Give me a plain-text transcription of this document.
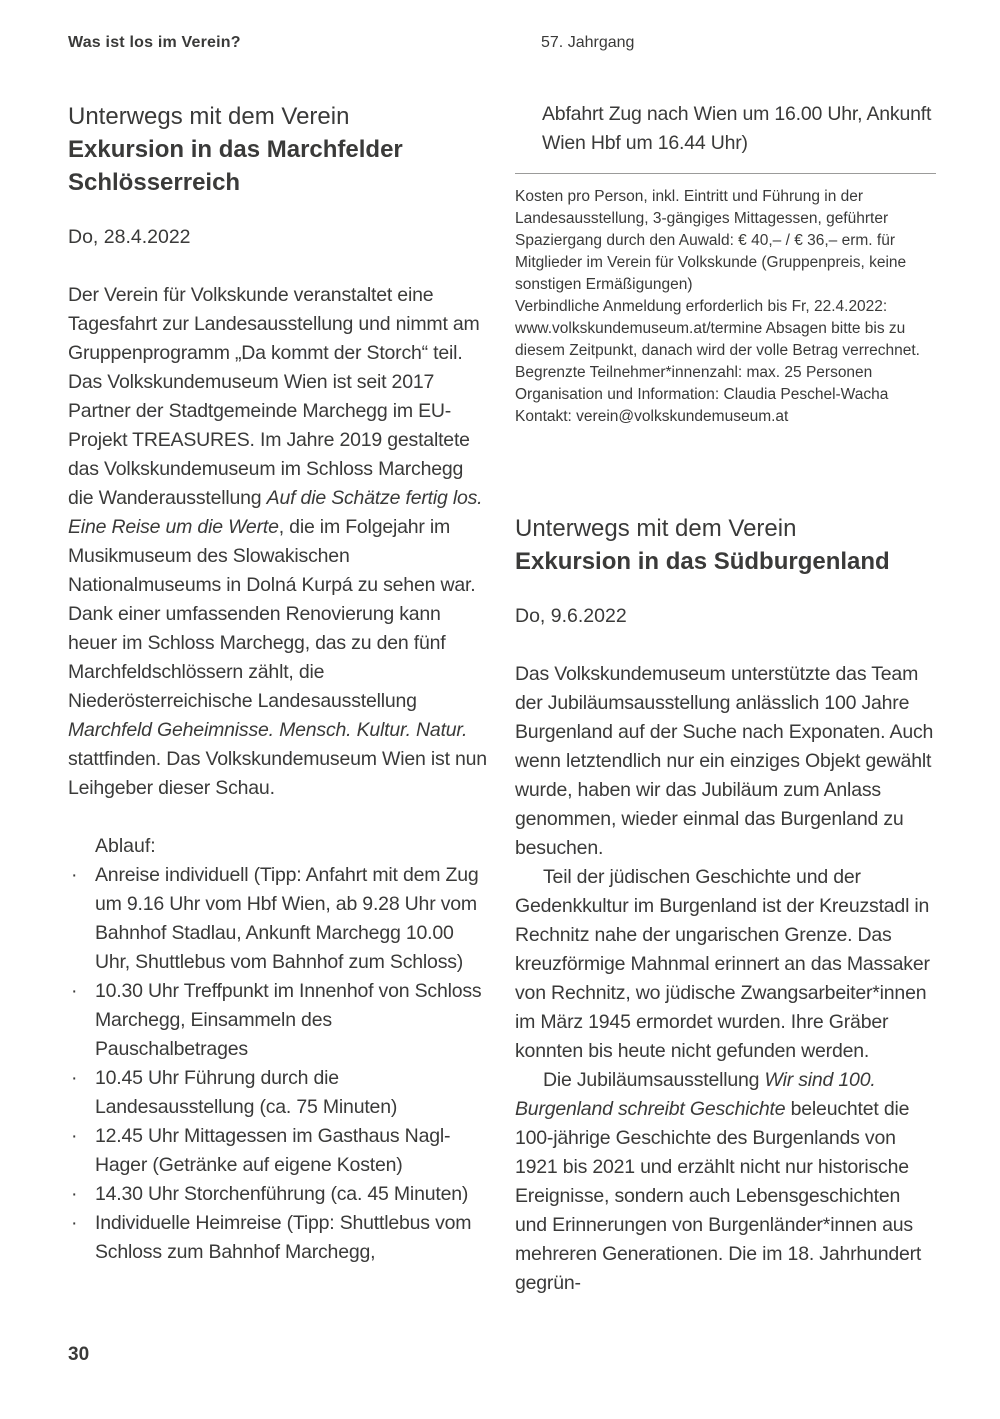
Was ist los im Verein?	57. Jahrgang
Unterwegs mit dem Verein
Exkursion in das Marchfelder Schlösserreich

Do, 28.4.2022

Der Verein für Volkskunde veranstaltet eine Tagesfahrt zur Landesausstellung und nimmt am Gruppenprogramm „Da kommt der Storch“ teil. Das Volkskundemuseum Wien ist seit 2017 Partner der Stadtgemeinde Marchegg im EU-Projekt TREASURES. Im Jahre 2019 gestaltete das Volkskundemuseum im Schloss Marchegg die Wanderausstellung Auf die Schätze fertig los. Eine Reise um die Werte, die im Folgejahr im Musikmuseum des Slowakischen Nationalmuseums in Dolná Kurpá zu sehen war. Dank einer umfassenden Renovierung kann heuer im Schloss Marchegg, das zu den fünf Marchfeldschlössern zählt, die Niederösterreichische Landesausstellung Marchfeld Geheimnisse. Mensch. Kultur. Natur. stattfinden. Das Volkskundemuseum Wien ist nun Leihgeber dieser Schau.

Ablauf:

· Anreise individuell (Tipp: Anfahrt mit dem Zug um 9.16 Uhr vom Hbf Wien, ab 9.28 Uhr vom Bahnhof Stadlau, Ankunft Marchegg 10.00 Uhr, Shuttlebus vom Bahnhof zum Schloss)
· 10.30 Uhr Treffpunkt im Innenhof von Schloss Marchegg, Einsammeln des Pauschalbetrages
· 10.45 Uhr Führung durch die Landesausstellung (ca. 75 Minuten)
· 12.45 Uhr Mittagessen im Gasthaus Nagl-Hager (Getränke auf eigene Kosten)
· 14.30 Uhr Storchenführung (ca. 45 Minuten)
· Individuelle Heimreise (Tipp: Shuttlebus vom Schloss zum Bahnhof Marchegg,

Abfahrt Zug nach Wien um 16.00 Uhr, Ankunft Wien Hbf um 16.44 Uhr)

Kosten pro Person, inkl. Eintritt und Führung in der Landesausstellung, 3-gängiges Mittagessen, geführter Spaziergang durch den Auwald: € 40,– / € 36,– erm. für Mitglieder im Verein für Volkskunde (Gruppenpreis, keine sonstigen Ermäßigungen)

Verbindliche Anmeldung erforderlich bis Fr, 22.4.2022: www.volkskundemuseum.at/termine Absagen bitte bis zu diesem Zeitpunkt, danach wird der volle Betrag verrechnet.

Begrenzte Teilnehmer*innenzahl: max. 25 Personen

Organisation und Information: Claudia Peschel-Wacha

Kontakt: verein@volkskundemuseum.at

Unterwegs mit dem Verein
Exkursion in das Südburgenland

Do, 9.6.2022

Das Volkskundemuseum unterstützte das Team der Jubiläumsausstellung anlässlich 100 Jahre Burgenland auf der Suche nach Exponaten. Auch wenn letztendlich nur ein einziges Objekt gewählt wurde, haben wir das Jubiläum zum Anlass genommen, wieder einmal das Burgenland zu besuchen.

Teil der jüdischen Geschichte und der Gedenkkultur im Burgenland ist der Kreuzstadl in Rechnitz nahe der ungarischen Grenze. Das kreuzförmige Mahnmal erinnert an das Massaker von Rechnitz, wo jüdische Zwangsarbeiter*innen im März 1945 ermordet wurden. Ihre Gräber konnten bis heute nicht gefunden werden.

Die Jubiläumsausstellung Wir sind 100. Burgenland schreibt Geschichte beleuchtet die 100-jährige Geschichte des Burgenlands von 1921 bis 2021 und erzählt nicht nur historische Ereignisse, sondern auch Lebensgeschichten und Erinnerungen von Burgenländer*innen aus mehreren Generationen. Die im 18. Jahrhundert gegrün-

30
